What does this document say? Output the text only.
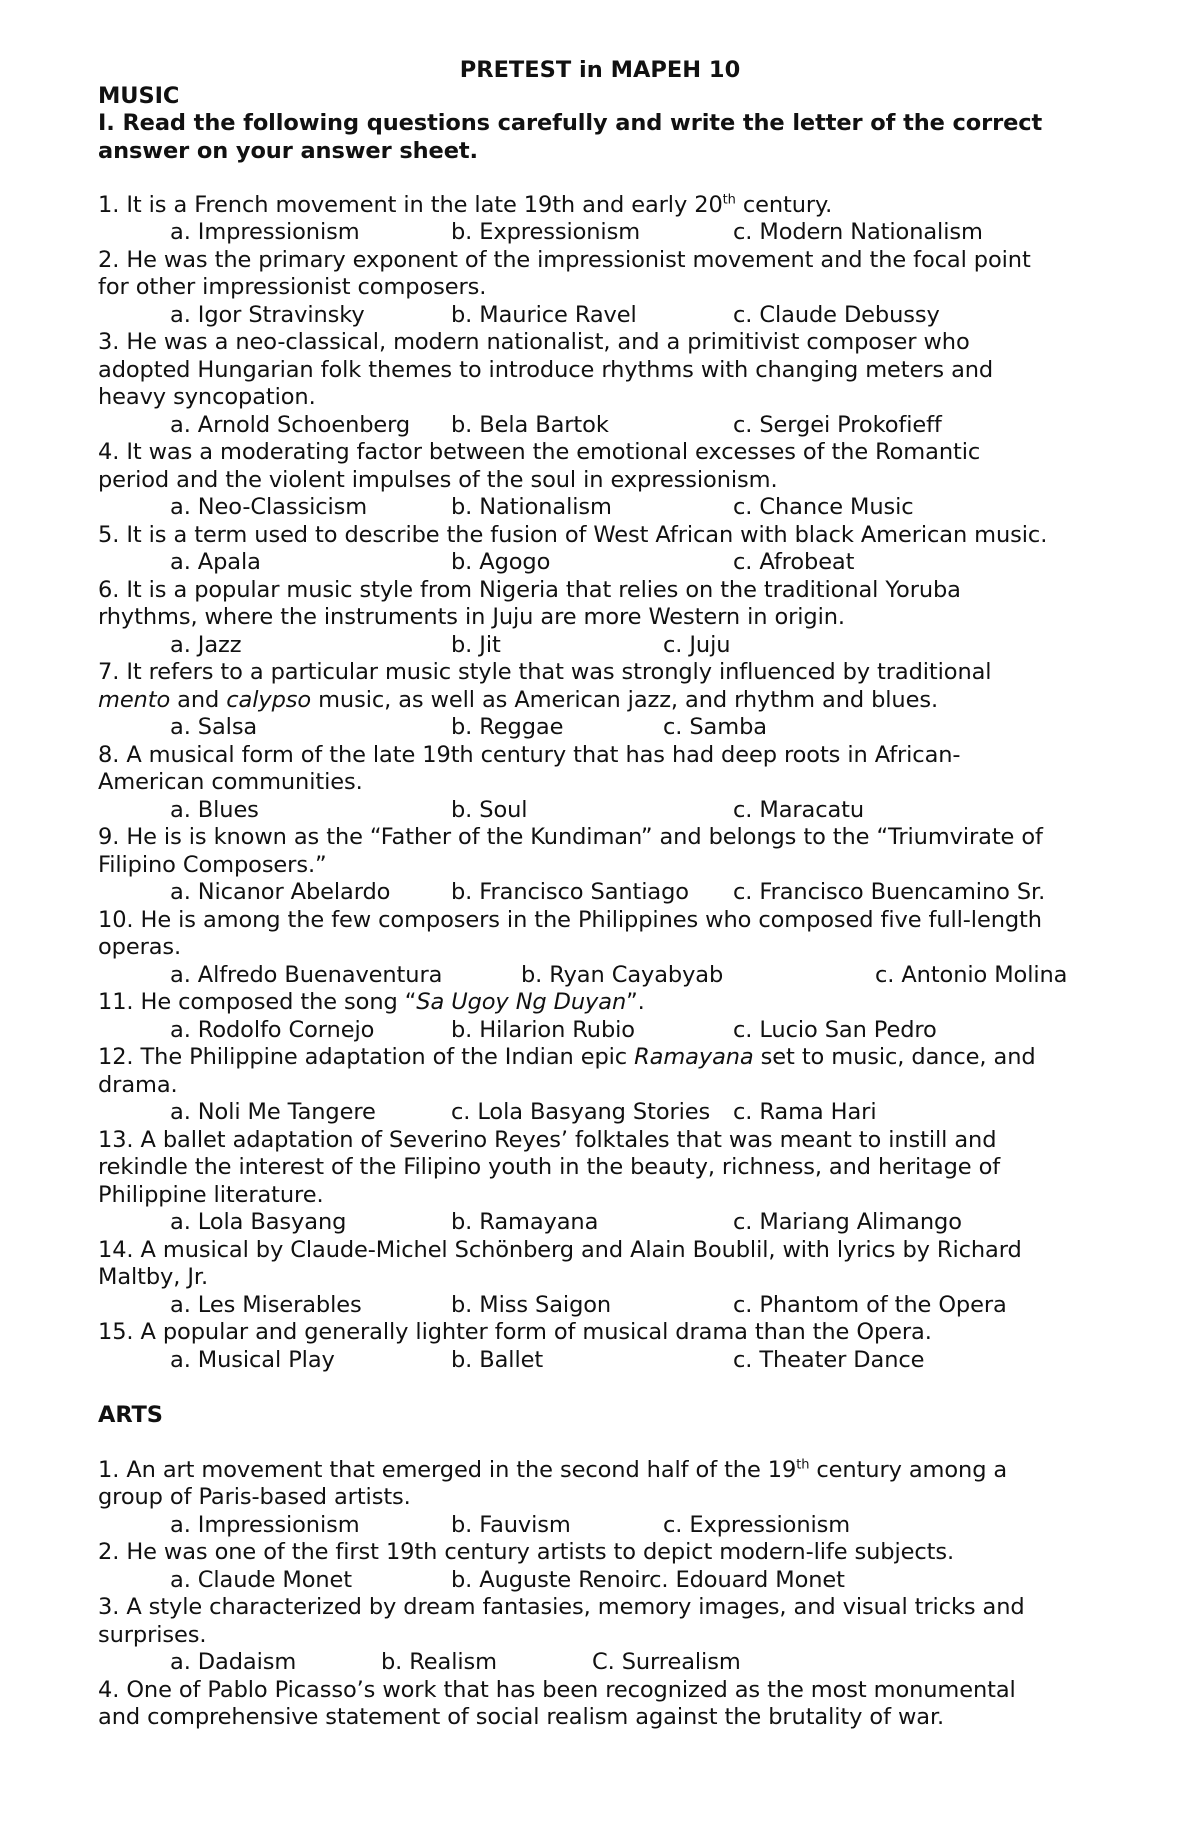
PRETEST in MAPEH 10
MUSIC
I. Read the following questions carefully and write the letter of the correct
answer on your answer sheet.
1. It is a French movement in the late 19th and early 20th century.
a. Impressionism	b. Expressionism	c. Modern Nationalism
2. He was the primary exponent of the impressionist movement and the focal point
for other impressionist composers.
a. Igor Stravinsky	b. Maurice Ravel	c. Claude Debussy
3. He was a neo-classical, modern nationalist, and a primitivist composer who
adopted Hungarian folk themes to introduce rhythms with changing meters and
heavy syncopation.
a. Arnold Schoenberg b. Bela Bartok	c. Sergei Prokofieff
4. It was a moderating factor between the emotional excesses of the Romantic
period and the violent impulses of the soul in expressionism.
a. Neo-Classicism	b. Nationalism	c. Chance Music
5. It is a term used to describe the fusion of West African with black American music.
a. Apala	b. Agogo	c. Afrobeat
6. It is a popular music style from Nigeria that relies on the traditional Yoruba
rhythms, where the instruments in Juju are more Western in origin.
a. Jazz	b. Jit	c. Juju
7. It refers to a particular music style that was strongly influenced by traditional
mento and calypso music, as well as American jazz, and rhythm and blues.
a. Salsa	b. Reggae	c. Samba
8. A musical form of the late 19th century that has had deep roots in African-
American communities.
a. Blues	b. Soul	c. Maracatu
9. He is is known as the “Father of the Kundiman” and belongs to the “Triumvirate of
Filipino Composers.”
a. Nicanor Abelardo	b. Francisco Santiago c. Francisco Buencamino Sr.
10. He is among the few composers in the Philippines who composed five full-length
operas.
a. Alfredo Buenaventura	b. Ryan Cayabyab	c. Antonio Molina
11. He composed the song “Sa Ugoy Ng Duyan”.
a. Rodolfo Cornejo	b. Hilarion Rubio	c. Lucio San Pedro
12. The Philippine adaptation of the Indian epic Ramayana set to music, dance, and
drama.
a. Noli Me Tangere	c. Lola Basyang Stories c. Rama Hari
13. A ballet adaptation of Severino Reyes’ folktales that was meant to instill and
rekindle the interest of the Filipino youth in the beauty, richness, and heritage of
Philippine literature.
a. Lola Basyang	b. Ramayana	c. Mariang Alimango
14. A musical by Claude-Michel Schönberg and Alain Boublil, with lyrics by Richard
Maltby, Jr.
a. Les Miserables	b. Miss Saigon	c. Phantom of the Opera
15. A popular and generally lighter form of musical drama than the Opera.
a. Musical Play	b. Ballet	c. Theater Dance
ARTS
1. An art movement that emerged in the second half of the 19th century among a
group of Paris-based artists.
a. Impressionism	b. Fauvism	c. Expressionism
2. He was one of the first 19th century artists to depict modern-life subjects.
a. Claude Monet	b. Auguste Renoirc. Edouard Monet
3. A style characterized by dream fantasies, memory images, and visual tricks and
surprises.
a. Dadaism	b. Realism	C. Surrealism
4. One of Pablo Picasso’s work that has been recognized as the most monumental
and comprehensive statement of social realism against the brutality of war.
